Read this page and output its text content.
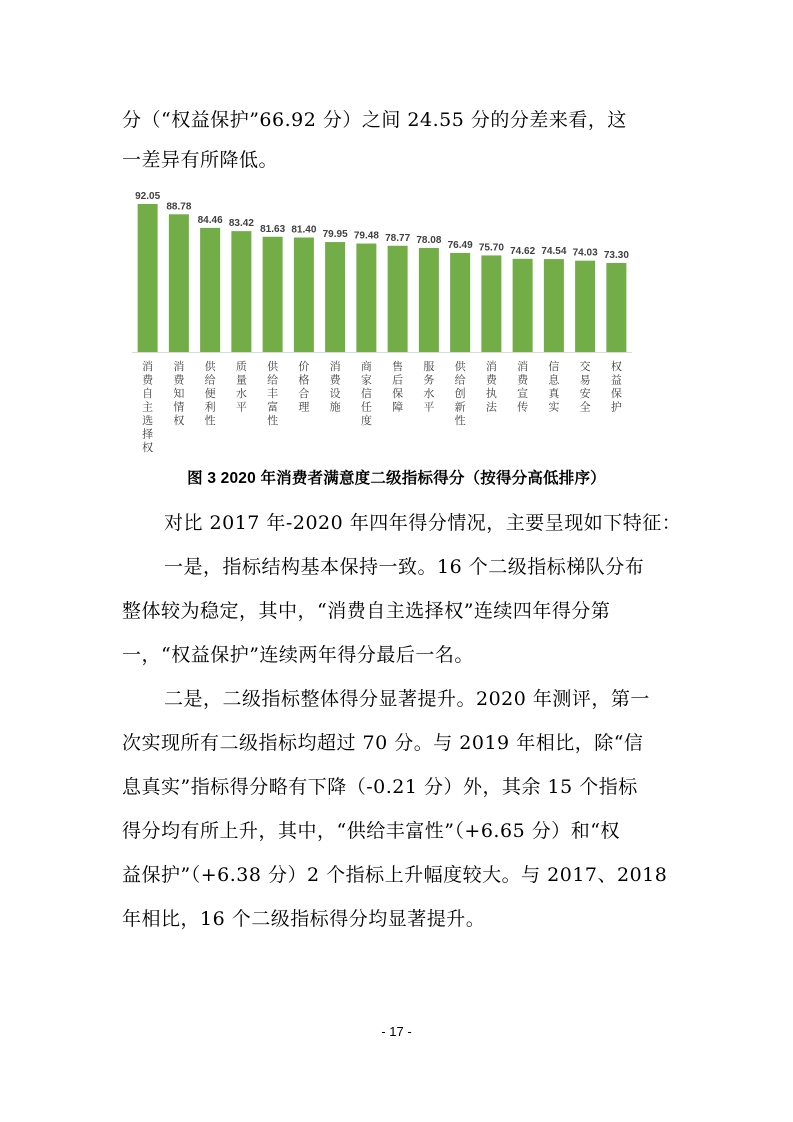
分（“权益保护”66.92 分）之间 24.55 分的分差来看，这
一差异有所降低。
92.05
消费自主选择权
88.78
消费知情权
84.46
供给便利性
83.42
质量水平
81.63
供给丰富性
81.40
价格合理
79.95
消费设施
79.48
商家信任度
78.77
售后保障
78.08
服务水平
76.49
供给创新性
75.70
消费执法
74.62
消费宣传
74.54
信息真实
74.03
交易安全
73.30
权益保护
图 3 2020 年消费者满意度二级指标得分（按得分高低排序）
对比 2017 年-2020 年四年得分情况，主要呈现如下特征：
一是，指标结构基本保持一致。16 个二级指标梯队分布
整体较为稳定，其中，“消费自主选择权”连续四年得分第
一，“权益保护”连续两年得分最后一名。
二是，二级指标整体得分显著提升。2020 年测评，第一
次实现所有二级指标均超过 70 分。与 2019 年相比，除“信
息真实”指标得分略有下降（-0.21 分）外，其余 15 个指标
得分均有所上升，其中，“供给丰富性”（+6.65 分）和“权
益保护”（+6.38 分）2 个指标上升幅度较大。与 2017、2018
年相比，16 个二级指标得分均显著提升。
- 17 -
